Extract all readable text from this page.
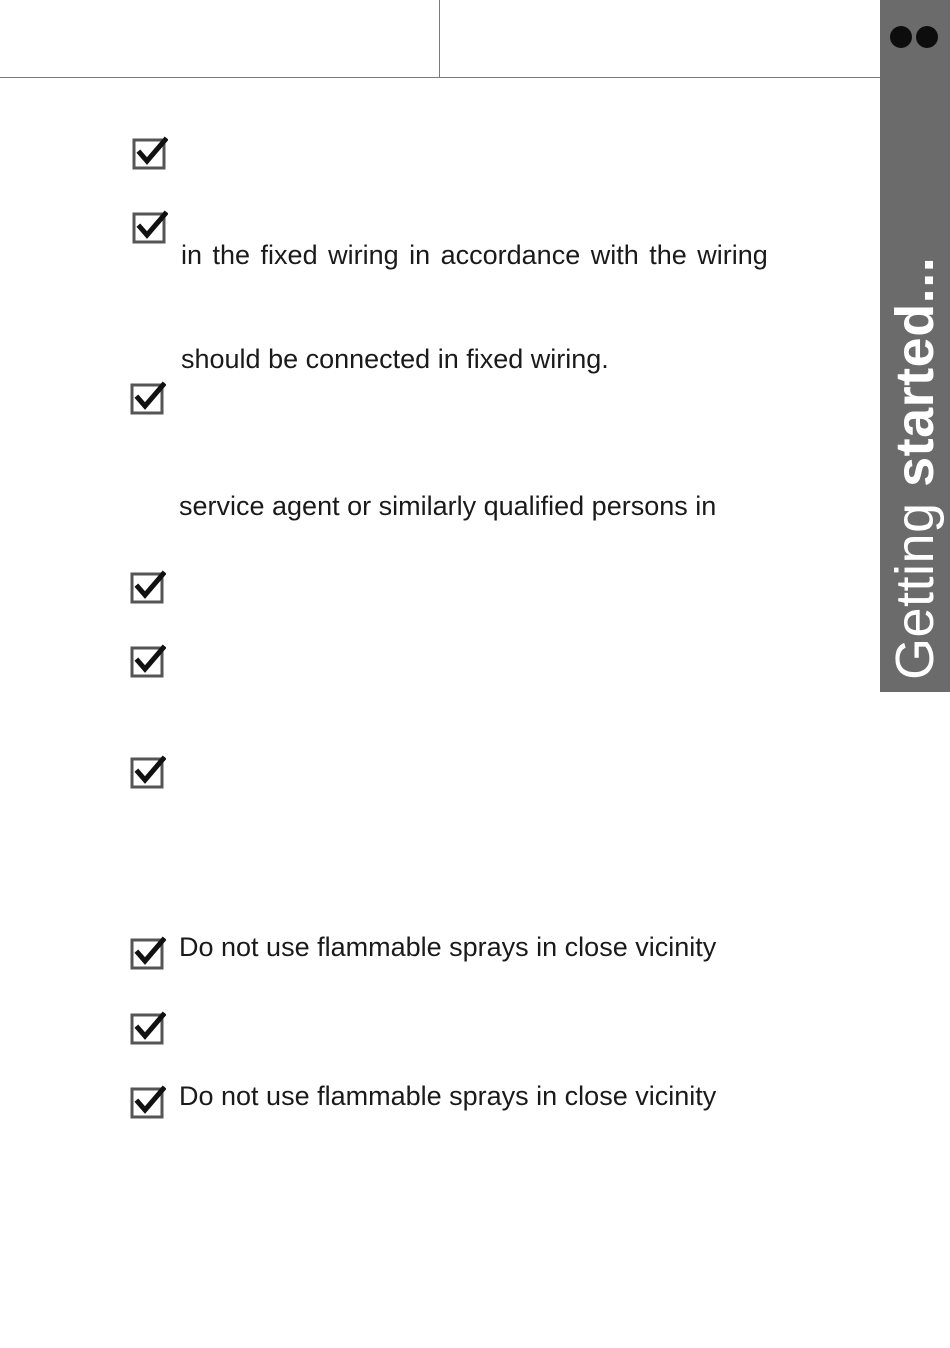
Getting started...
in the fixed wiring in accordance with the wiring
should be connected in fixed wiring.
service agent or similarly qualified persons in
Do not use flammable sprays in close vicinity
Do not use flammable sprays in close vicinity
